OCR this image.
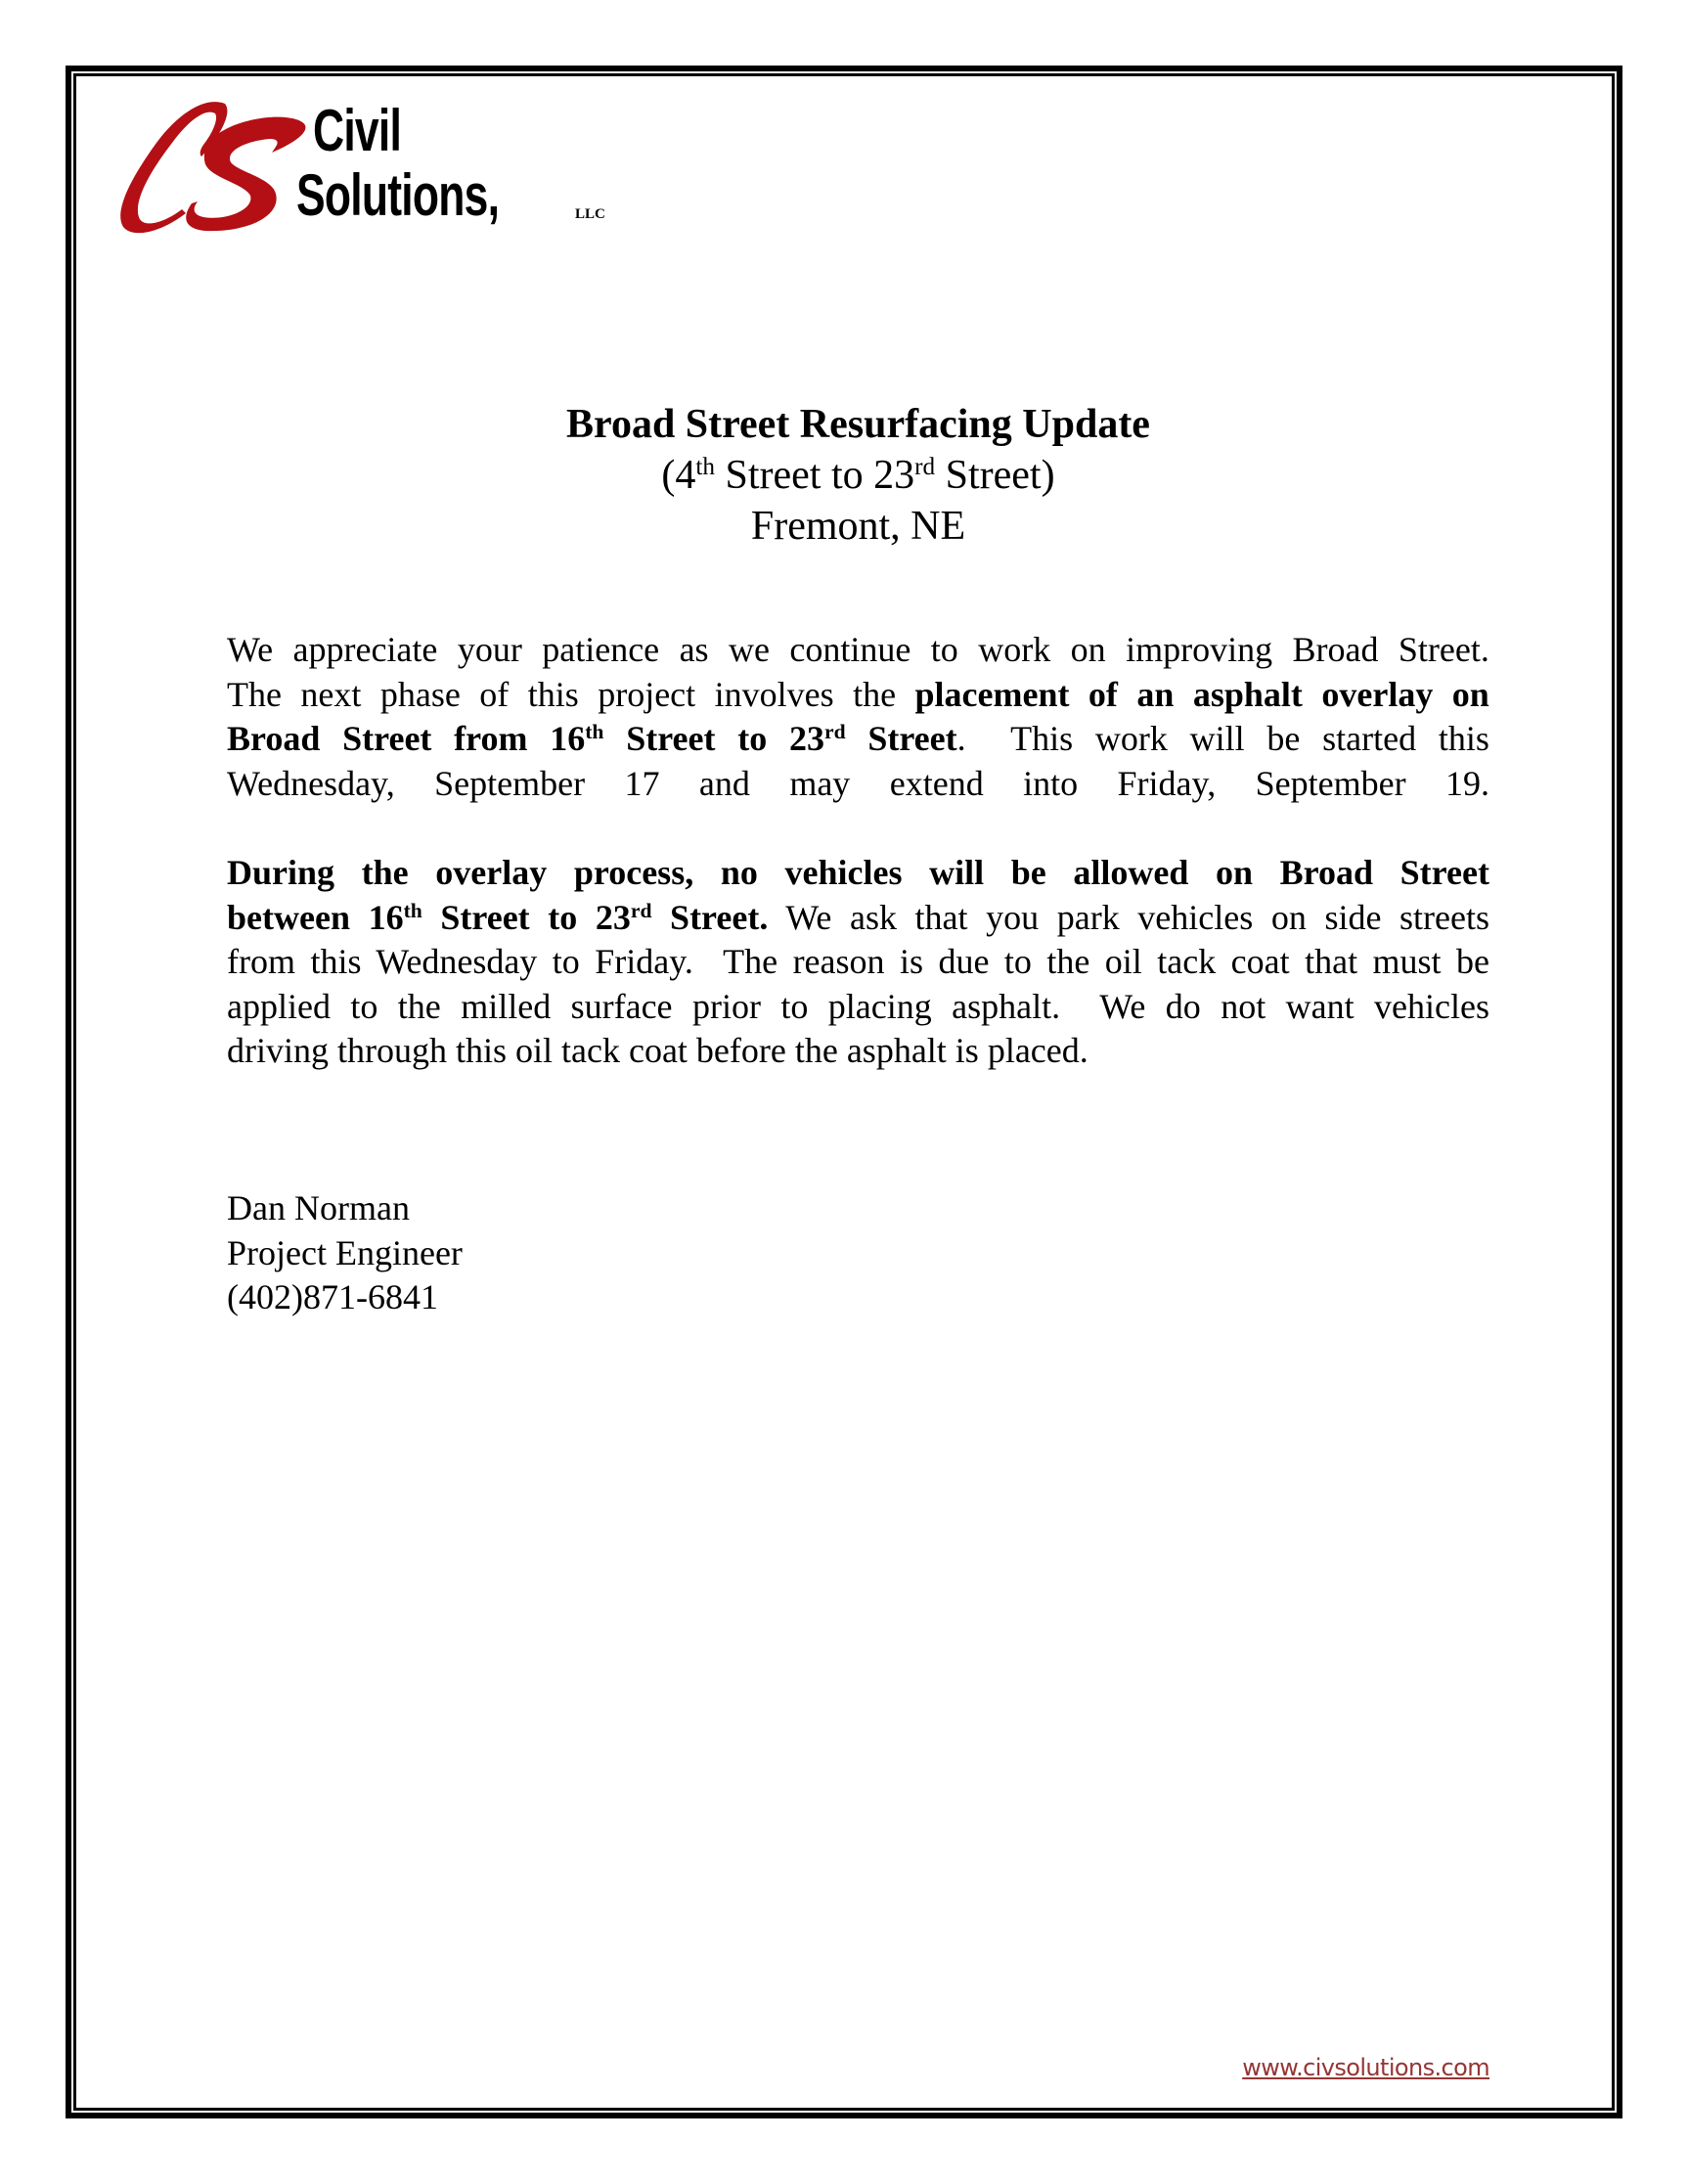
Civil
Solutions,	LLC
Broad Street Resurfacing Update
(4th Street to 23rd Street)
Fremont, NE
We appreciate your patience as we continue to work on improving Broad Street.
The next phase of this project involves the placement of an asphalt overlay on
Broad Street from 16th Street to 23rd Street. This work will be started this
Wednesday, September 17 and may extend into Friday, September 19.
During the overlay process, no vehicles will be allowed on Broad Street
between 16th Street to 23rd Street. We ask that you park vehicles on side streets
from this Wednesday to Friday.  The reason is due to the oil tack coat that must be
applied to the milled surface prior to placing asphalt.  We do not want vehicles
driving through this oil tack coat before the asphalt is placed.
Dan Norman
Project Engineer
(402)871-6841
www.civsolutions.com
